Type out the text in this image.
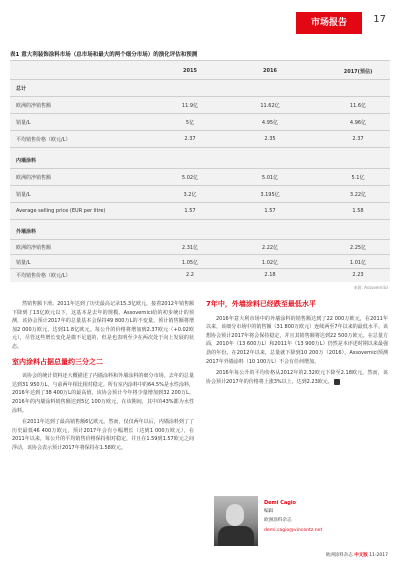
市场报告	17
表1 意大利装饰涂料市场（总市场和最大的两个细分市场）的演化评估和预测
2015	2016	2017(预估)
总计
欧洲的净销售额	11.9亿	11.62亿	11.6亿
销量/L	5亿	4.95亿	4.96亿
平均销售价格（欧元/L）	2.37	2.35	2.37
内墙涂料
欧洲的净销售额	5.02亿	5.01亿	5.1亿
销量/L	3.2亿	3.195亿	3.22亿
Average selling price (EUR per litre)	1.57	1.57	1.58
外墙涂料
欧洲的净销售额	2.31亿	2.22亿	2.25亿
销量/L	1.05亿	1.02亿	1.01亿
平均销售价格（欧元/L）	2.2	2.18	2.23
来源: Assoverniici

然销售额下滑。2011年达到了历史最高记录15.3亿欧元，接着2012年销售额下降到了13亿欧元以下，这基本是去年的规模。Assovernici给的初步统计的预测，该协会预计2017年的总量基本会保持49 800万L的不变量。预计销售额将增加2 000万欧元，达到11.8亿欧元。每公升的价格将增加到2.37欧元（+0.02欧元），尽管这些增长变化是微不足道的，但是也表明至少在两次处于向上发展的状态。

室内涂料占据总量约三分之二

该协会的统计资料还大概描述了内墙涂料和外墙涂料的细分市场。去年的总量达到31 950万L，与前两年相比相对稳定。所有室内涂料中的64.5%是水性涂料，2016年达到了38 400万L的最高值。该协会预计今年将少量增加到32 200万L。2016年的内墙涂料销售额达到5亿 100万欧元，在该期间，其中的43%都为水性涂料。

在2011年达到了最高销售额6亿欧元。然而，仅仅两年以后，内墙涂料到了了历史最低46 400万欧元，预计2017年会有小幅增长（达到1 000万欧元），在2011年以来，每公升的平均销售价格保持相对稳定，并且在1.59到1.57欧元之间浮动，该协会表示预计2017年将保持在1.58欧元。

7年中，外墙涂料已经跌至最低水平

2016年意大利市场中的外墙涂料的销售额达到了22 000万欧元，在2011年以来，该细分市场中的销售额（31 800万欧元）连续两至7年以来的最低水平。该想协会预计2017年将会保持稳定，并且其销售额将达到22 500万欧元。在总量方面，2010年（13 600万L）和2011年（13 900万L）仍然是本评述时期以来最强劲的年份。在2012年以来，总量就下降到10 200万（2016），Assovernici预测2017年外墙涂料（10 100万L）不会有任何增加。

2016年每公升的平均价格从2012年的2.32欧元下降至2.18欧元。然而，该协会预计2017年的价格将上涨3%以上，达到2.23欧元。	■

Demi Cagio
编辑
欧洲涂料杂志
demi.cagio@vincentz.net
欧洲涂料杂志 中文版 11-2017
